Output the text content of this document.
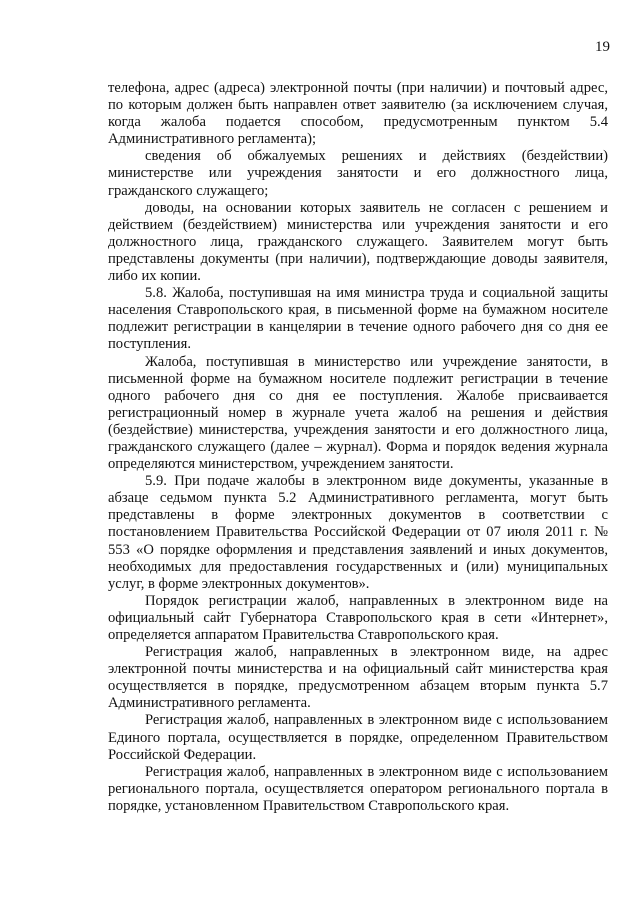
19

телефона, адрес (адреса) электронной почты (при наличии) и почтовый адрес, по которым должен быть направлен ответ заявителю (за исключением случая, когда жалоба подается способом, предусмотренным пунктом 5.4 Административного регламента);

сведения об обжалуемых решениях и действиях (бездействии) министерстве или учреждения занятости и его должностного лица, гражданского служащего;

доводы, на основании которых заявитель не согласен с решением и действием (бездействием) министерства или учреждения занятости и его должностного лица, гражданского служащего. Заявителем могут быть представлены документы (при наличии), подтверждающие доводы заявителя, либо их копии.

5.8. Жалоба, поступившая на имя министра труда и социальной защиты населения Ставропольского края, в письменной форме на бумажном носителе подлежит регистрации в канцелярии в течение одного рабочего дня со дня ее поступления.

Жалоба, поступившая в министерство или учреждение занятости, в письменной форме на бумажном носителе подлежит регистрации в течение одного рабочего дня со дня ее поступления. Жалобе присваивается регистрационный номер в журнале учета жалоб на решения и действия (бездействие) министерства, учреждения занятости и его должностного лица, гражданского служащего (далее – журнал). Форма и порядок ведения журнала определяются министерством, учреждением занятости.

5.9. При подаче жалобы в электронном виде документы, указанные в абзаце седьмом пункта 5.2 Административного регламента, могут быть представлены в форме электронных документов в соответствии с постановлением Правительства Российской Федерации от 07 июля 2011 г. № 553 «О порядке оформления и представления заявлений и иных документов, необходимых для предоставления государственных и (или) муниципальных услуг, в форме электронных документов».

Порядок регистрации жалоб, направленных в электронном виде на официальный сайт Губернатора Ставропольского края в сети «Интернет», определяется аппаратом Правительства Ставропольского края.

Регистрация жалоб, направленных в электронном виде, на адрес электронной почты министерства и на официальный сайт министерства края осуществляется в порядке, предусмотренном абзацем вторым пункта 5.7 Административного регламента.

Регистрация жалоб, направленных в электронном виде с использованием Единого портала, осуществляется в порядке, определенном Правительством Российской Федерации.

Регистрация жалоб, направленных в электронном виде с использованием регионального портала, осуществляется оператором регионального портала в порядке, установленном Правительством Ставропольского края.
